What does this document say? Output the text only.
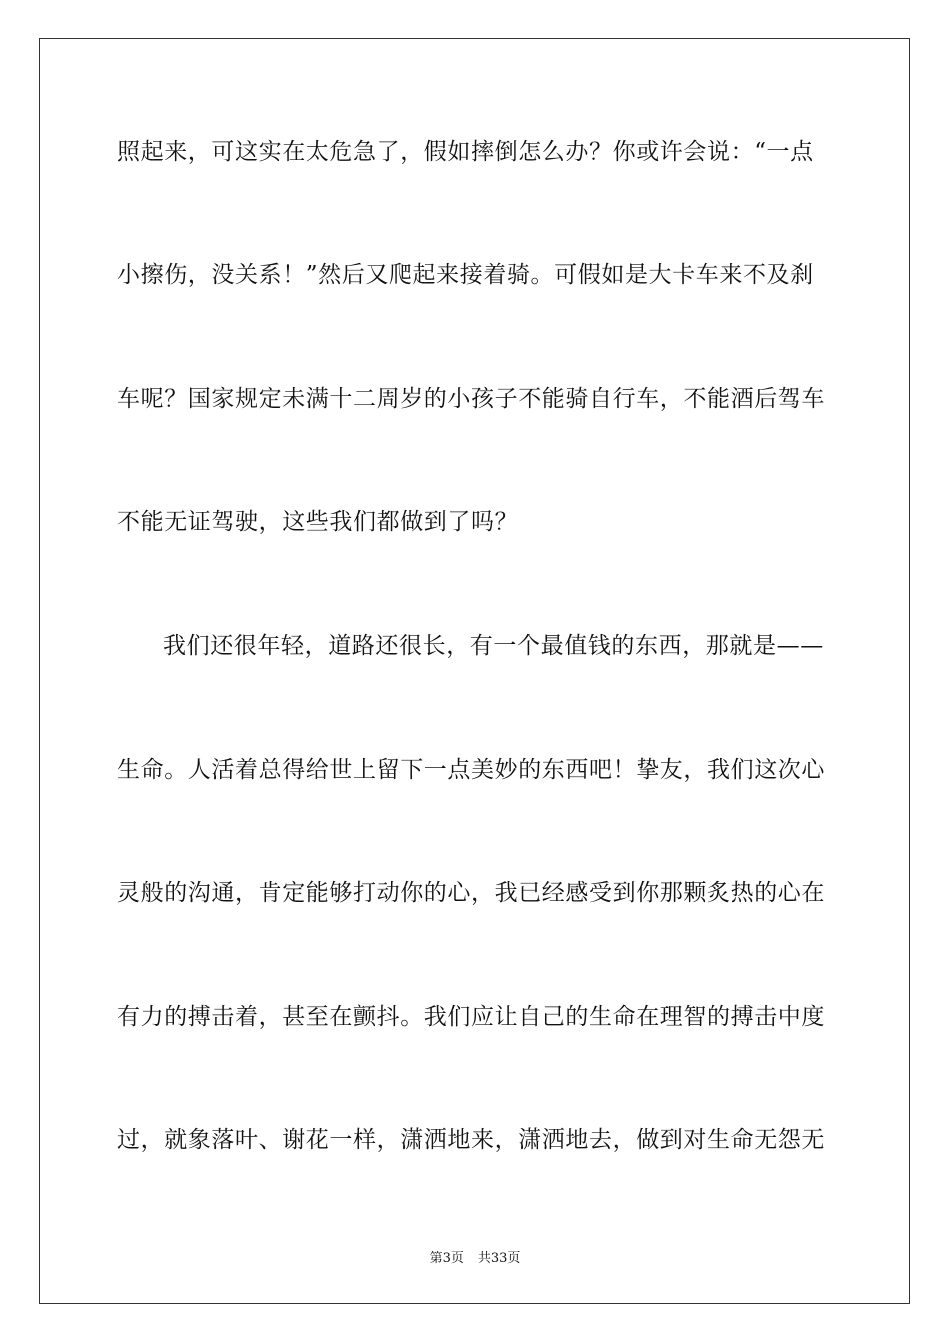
照起来，可这实在太危急了，假如摔倒怎么办？你或许会说：“一点
小擦伤，没关系！”然后又爬起来接着骑。可假如是大卡车来不及刹
车呢？国家规定未满十二周岁的小孩子不能骑自行车，不能酒后驾车
不能无证驾驶，这些我们都做到了吗？
我们还很年轻，道路还很长，有一个最值钱的东西，那就是——
生命。人活着总得给世上留下一点美妙的东西吧！挚友，我们这次心
灵般的沟通，肯定能够打动你的心，我已经感受到你那颗炙热的心在
有力的搏击着，甚至在颤抖。我们应让自己的生命在理智的搏击中度
过，就象落叶、谢花一样，潇洒地来，潇洒地去，做到对生命无怨无
第3页 共33页
